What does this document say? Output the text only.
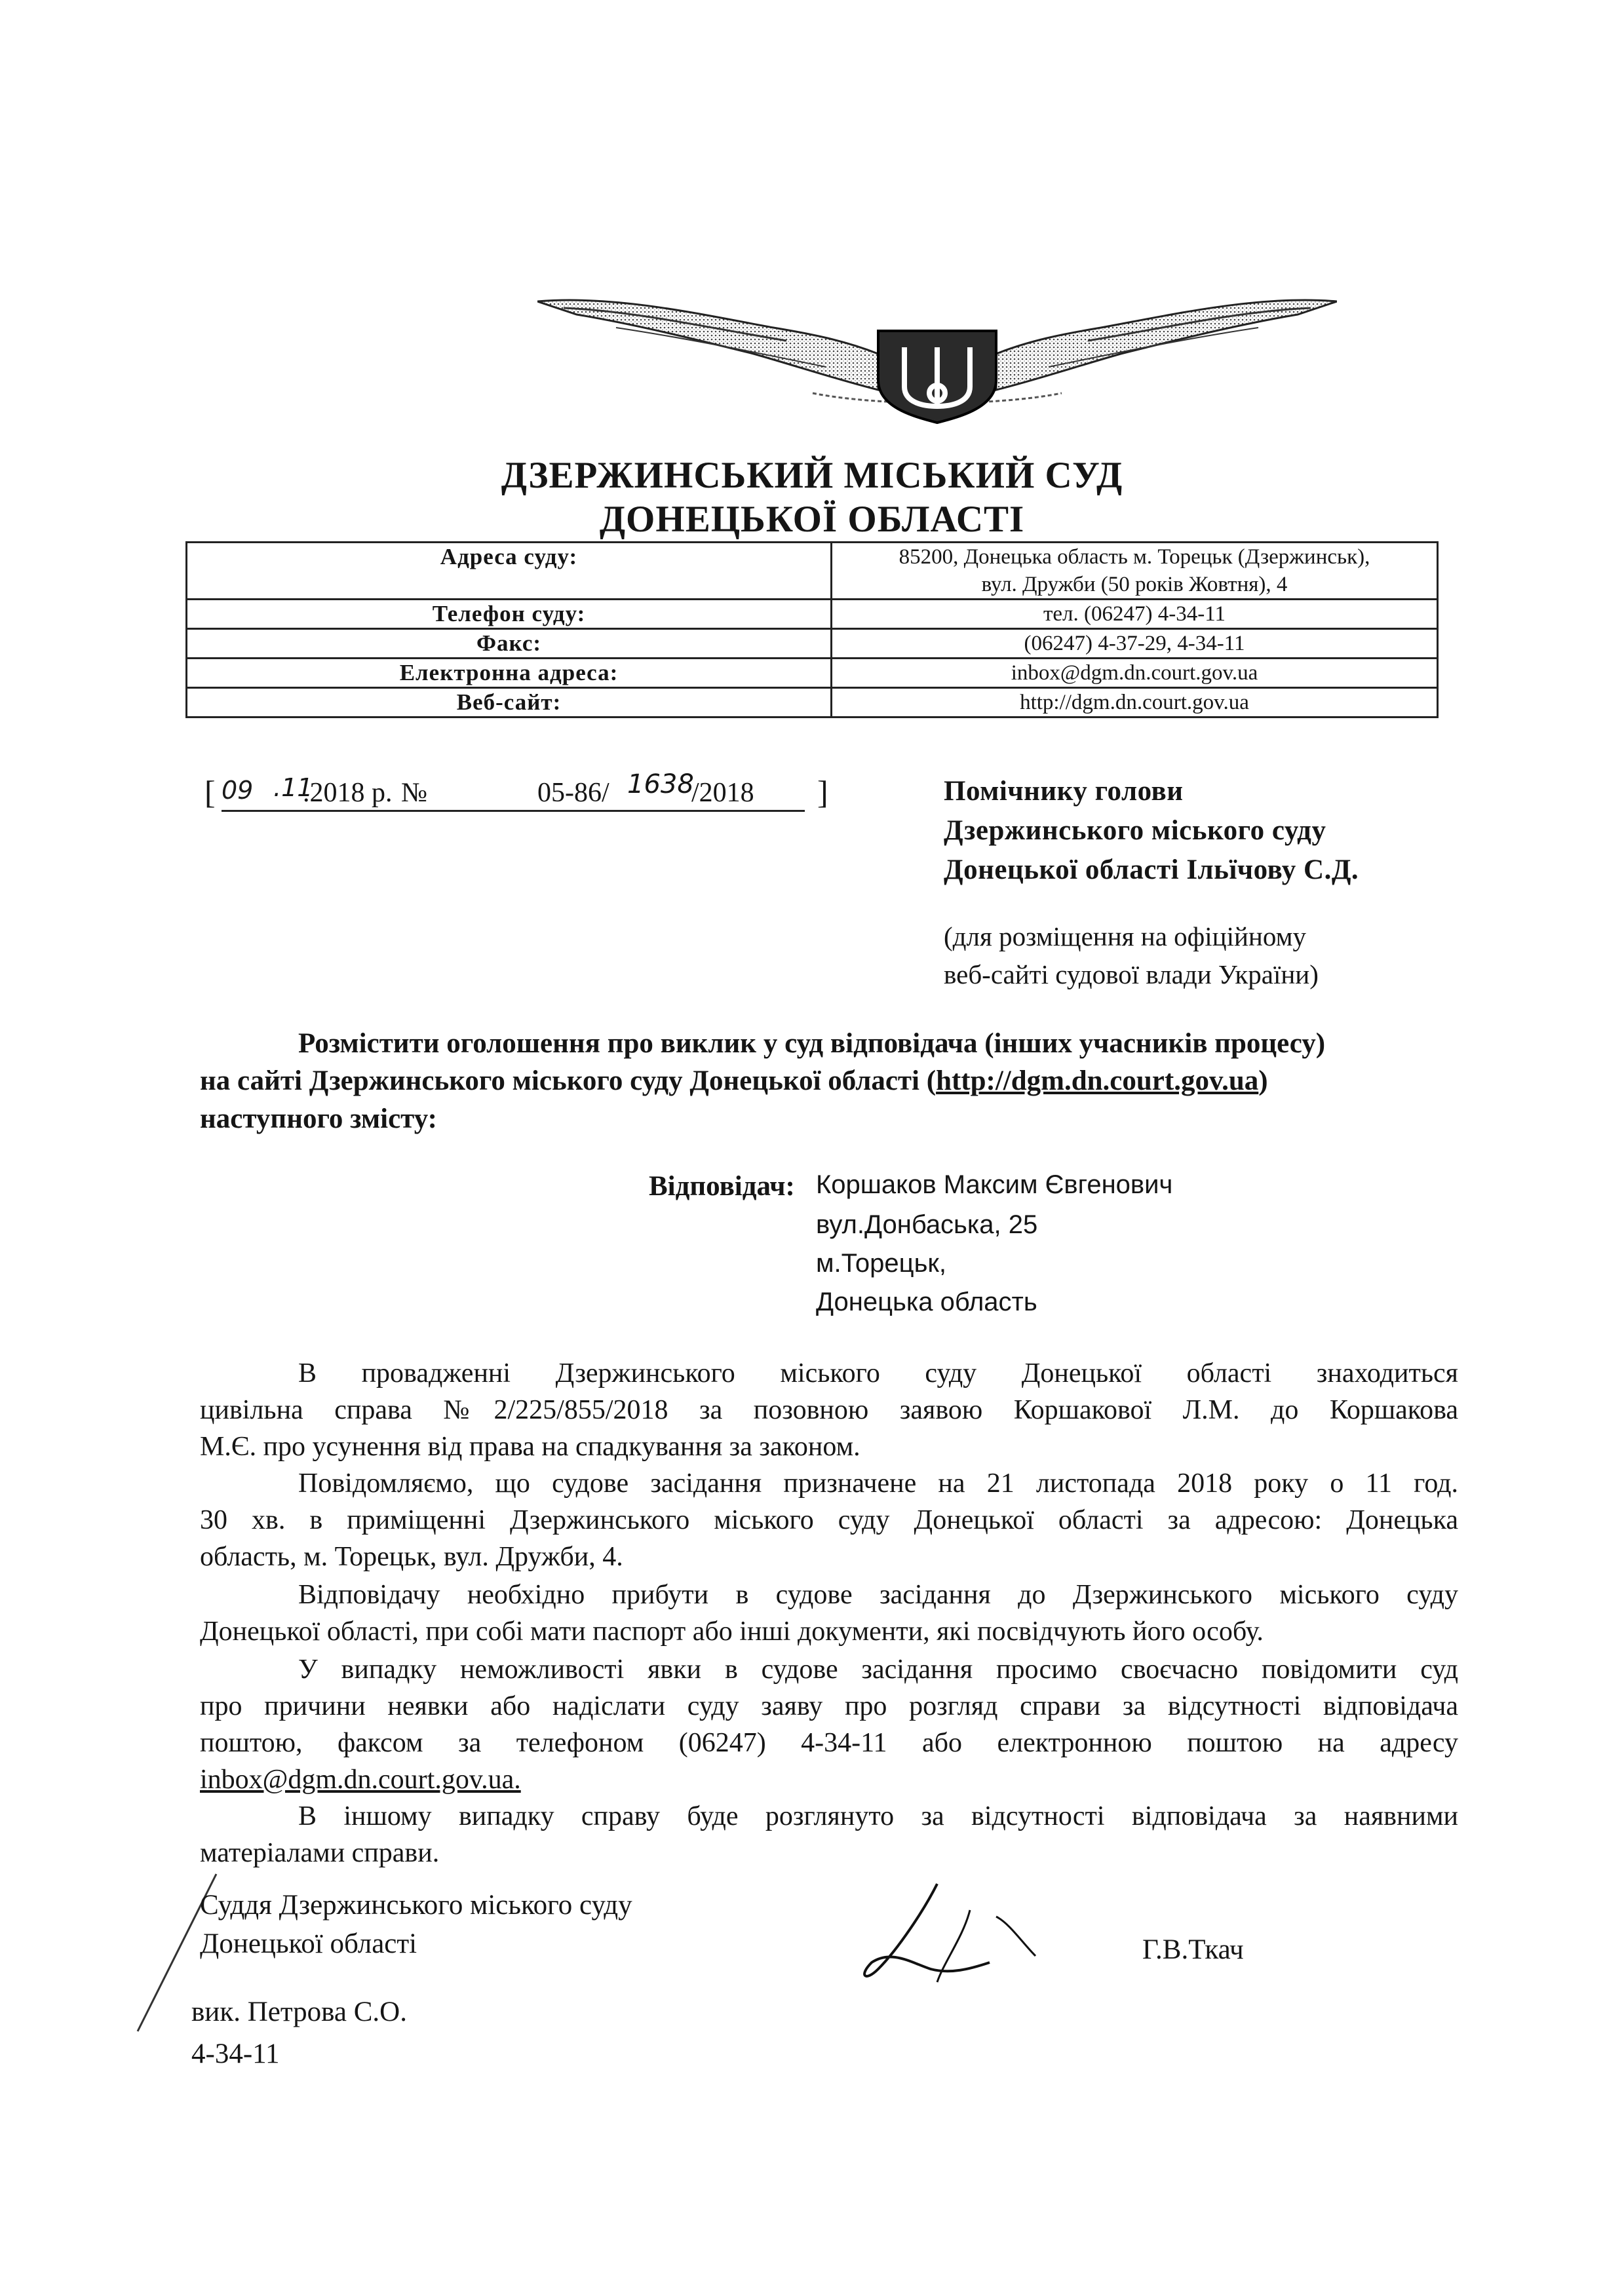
ДЗЕРЖИНСЬКИЙ МІСЬКИЙ СУД
ДОНЕЦЬКОЇ ОБЛАСТІ
Адреса суду:	85200, Донецька область м. Торецьк (Дзержинськ),
вул. Дружби (50 років Жовтня), 4

Телефон суду:	тел. (06247) 4-34-11
Факс:	(06247) 4-37-29, 4-34-11
Електронна адреса:	inbox@dgm.dn.court.gov.ua
Веб-сайт:	http://dgm.dn.court.gov.ua
[ 09 .11
.2018 р. №	05-86/ 1638
/2018 ]	Помічнику голови
Дзержинського міського суду
Донецької області Ільїчову С.Д.
(для розміщення на офіційному
веб-сайті судової влади України)
Розмістити оголошення про виклик у суд відповідача (інших учасників процесу)
на сайті Дзержинського міського суду Донецької області (http://dgm.dn.court.gov.ua)
наступного змісту:
Відповідач: Коршаков Максим Євгенович
вул.Донбаська, 25
м.Торецьк,
Донецька область
В провадженні Дзержинського міського суду Донецької області знаходиться
цивільна справа №2/225/855/2018 за позовною заявою Коршакової Л.М. до Коршакова
М.Є. про усунення від права на спадкування за законом.
Повідомляємо, що судове засідання призначене на 21 листопада 2018 року о 11 год.
30 хв. в приміщенні Дзержинського міського суду Донецької області за адресою: Донецька
область, м. Торецьк, вул. Дружби, 4.
Відповідачу необхідно прибути в судове засідання до Дзержинського міського суду
Донецької області, при собі мати паспорт або інші документи, які посвідчують його особу.
У випадку неможливості явки в судове засідання просимо своєчасно повідомити суд
про причини неявки або надіслати суду заяву про розгляд справи за відсутності відповідача
поштою, факсом за телефоном (06247) 4-34-11 або електронною поштою на адресу
inbox@dgm.dn.court.gov.ua.
В іншому випадку справу буде розглянуто за відсутності відповідача за наявними
матеріалами справи.
Суддя Дзержинського міського суду
Донецької області	Г.В.Ткач
вик. Петрова С.О.
4-34-11
